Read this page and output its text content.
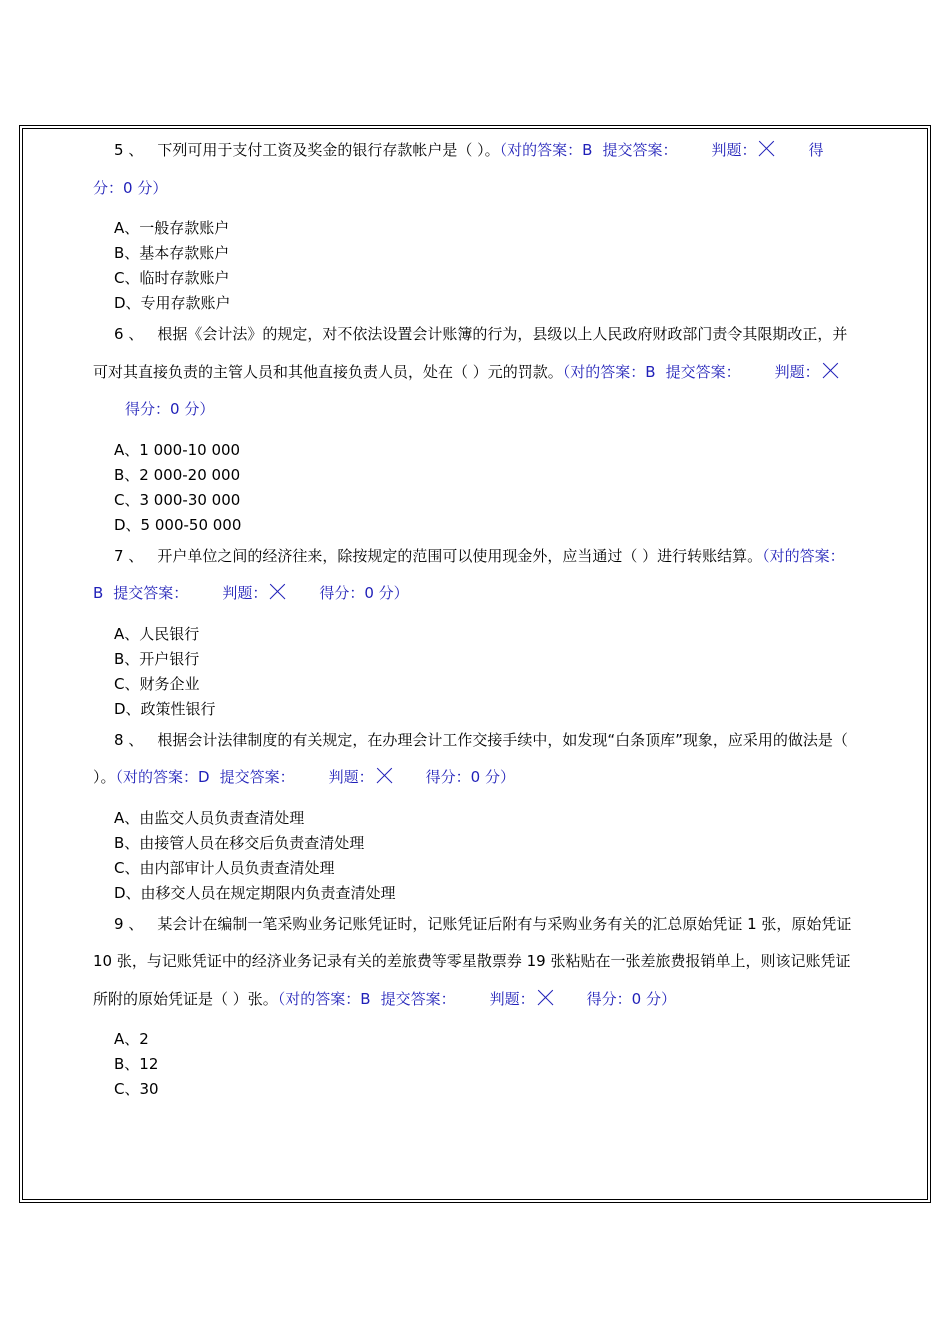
5 、 下列可用于支付工资及奖金的银行存款帐户是（ ）。（对的答案：B 提交答案： 判题：	得分：0 分）

A、一般存款账户
B、基本存款账户
C、临时存款账户
D、专用存款账户

6 、 根据《会计法》的规定，对不依法设置会计账簿的行为，县级以上人民政府财政部门责令其限期改正，并可对其直接负责的主管人员和其他直接负责人员，处在（ ）元的罚款。（对的答案：B 提交答案： 判题：得分：0 分）

A、1 000-10 000
B、2 000-20 000
C、3 000-30 000
D、5 000-50 000

7 、 开户单位之间的经济往来，除按规定的范围可以使用现金外，应当通过（ ）进行转账结算。（对的答案：B 提交答案： 判题：	得分：0 分）

A、人民银行
B、开户银行
C、财务企业
D、政策性银行

8 、 根据会计法律制度的有关规定，在办理会计工作交接手续中，如发现“白条顶库”现象，应采用的做法是（ ）。（对的答案：D 提交答案： 判题：	得分：0 分）

A、由监交人员负责查清处理
B、由接管人员在移交后负责查清处理
C、由内部审计人员负责查清处理
D、由移交人员在规定期限内负责查清处理

9 、 某会计在编制一笔采购业务记账凭证时，记账凭证后附有与采购业务有关的汇总原始凭证 1 张，原始凭证 10 张，与记账凭证中的经济业务记录有关的差旅费等零星散票券 19 张粘贴在一张差旅费报销单上，则该记账凭证所附的原始凭证是（ ）张。（对的答案：B 提交答案： 判题：	得分：0 分）

A、2
B、12
C、30
